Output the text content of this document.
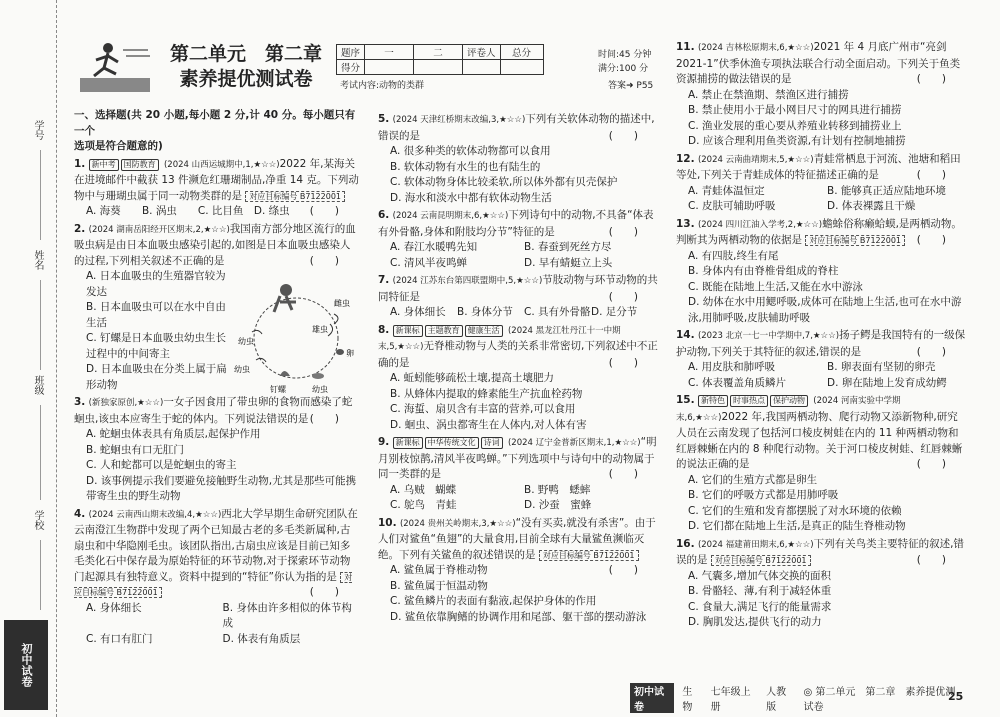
学号
姓名
班级
学校
初中试卷
第二单元　第二章
素养提优测试卷
题序	一	二	评卷人	总分
得分				
时间:45 分钟
满分:100 分
考试内容:动物的类群	答案➜ P55

一、选择题(共 20 小题,每小题 2 分,计 40 分。每小题只有一个

选项是符合题意的)

1. 新中考 国防教育 (2024 山西运城期中,1,★☆☆)2022 年,某海关在进境邮件中截获 13 件濒危红珊瑚制品,净重 14 克。下列动物中与珊瑚虫属于同一动物类群的是 对应目标编号 B7122001
(　　)

A. 海葵	B. 涡虫	C. 比目鱼 D. 绦虫

2. (2024 湖南岳阳经开区期末,2,★☆☆)我国南方部分地区流行的血吸虫病是由日本血吸虫感染引起的,如图是日本血吸虫感染人的过程,下列相关叙述不正确的是	(　　)

A. 日本血吸虫的生殖器官较为发达

B. 日本血吸虫可以在水中自由生活

C. 钉螺是日本血吸虫幼虫生长过程中的中间寄主

D. 日本血吸虫在分类上属于扁形动物

3. (新独家原创,★☆☆)一女子因食用了带虫卵的食物而感染了蛇蛔虫,该虫本应寄生于蛇的体内。下列说法错误的是 (　　)

A. 蛇蛔虫体表具有角质层,起保护作用

B. 蛇蛔虫有口无肛门

C. 人和蛇都可以是蛇蛔虫的寄主

D. 该事例提示我们要避免接触野生动物,尤其是那些可能携带寄生虫的野生动物

4. (2024 云南西山期末改编,4,★☆☆)西北大学早期生命研究团队在云南澄江生物群中发现了两个已知最古老的多毛类新属种,古扇虫和中华隐刚毛虫。该团队指出,古扇虫应该是目前已知多毛类化石中保存最为原始特征的环节动物,对于探索环节动物门起源具有独特意义。资料中提到的“特征”你认为指的是 对应目标编号 B7122001	(　　)

A. 身体细长	B. 身体由许多相似的体节构成
C. 有口有肛门	D. 体表有角质层
雌虫
雄虫
卵
幼虫
钉螺
幼虫
幼虫

5. (2024 天津红桥期末改编,3,★☆☆)下列有关软体动物的描述中,错误的是	(　　)

A. 很多种类的软体动物都可以食用

B. 软体动物有水生的也有陆生的

C. 软体动物身体比较柔软,所以体外都有贝壳保护

D. 海水和淡水中都有软体动物生活

6. (2024 云南昆明期末,6,★☆☆)下列诗句中的动物,不具备“体表有外骨骼,身体和附肢均分节”特征的是	(　　)

A. 春江水暖鸭先知	B. 春蚕到死丝方尽
C. 清风半夜鸣蝉	D. 早有蜻蜓立上头

7. (2024 江苏东台第四联盟期中,5,★☆☆)节肢动物与环节动物的共同特征是	(　　)

A. 身体细长	B. 身体分节	C. 具有外骨骼 D. 足分节

8. 新课标 主题教育 健康生活 (2024 黑龙江牡丹江十一中期末,5,★☆☆)无脊椎动物与人类的关系非常密切,下列叙述中不正确的是	(　　)

A. 蚯蚓能够疏松土壤,提高土壤肥力

B. 从蜂体内提取的蜂素能生产抗血栓药物

C. 海蜇、扇贝含有丰富的营养,可以食用

D. 蛔虫、涡虫都寄生在人体内,对人体有害

9. 新课标 中华传统文化 诗词 (2024 辽宁金普新区期末,1,★☆☆)“明月别枝惊鹊,清风半夜鸣蝉。”下列选项中与诗句中的动物属于同一类群的是	(　　)

A. 乌贼　蝴蝶	B. 野鸭　蟋蟀
C. 鸵鸟　青蛙	D. 沙蚕　蜜蜂

10. (2024 贵州关岭期末,3,★☆☆)“没有买卖,就没有杀害”。由于人们对鲨鱼“鱼翅”的大量食用,目前全球有大量鲨鱼濒临灭绝。下列有关鲨鱼的叙述错误的是 对应目标编号 B7122001
(　　)

A. 鲨鱼属于脊椎动物

B. 鲨鱼属于恒温动物

C. 鲨鱼鳞片的表面有黏液,起保护身体的作用

D. 鲨鱼依靠胸鳍的协调作用和尾部、躯干部的摆动游泳

11. (2024 吉林松原期末,6,★☆☆)2021 年 4 月底广州市“亮剑2021-1”伏季休渔专项执法联合行动全面启动。下列关于鱼类资源捕捞的做法错误的是	(　　)

A. 禁止在禁渔期、禁渔区进行捕捞

B. 禁止使用小于最小网目尺寸的网具进行捕捞

C. 渔业发展的重心要从养殖业转移到捕捞业上

D. 应该合理利用鱼类资源,有计划有控制地捕捞

12. (2024 云南曲靖期末,5,★☆☆)青蛙常栖息于河流、池塘和稻田等处,下列关于青蛙成体的特征描述正确的是	(　　)

A. 青蛙体温恒定	B. 能够真正适应陆地环境
C. 皮肤可辅助呼吸	D. 体表裸露且干燥

13. (2024 四川江油入学考,2,★☆☆)蟾蜍俗称癞蛤蟆,是两栖动物。判断其为两栖动物的依据是 对应目标编号 B7122001 (　　)

A. 有四肢,终生有尾

B. 身体内有由脊椎骨组成的脊柱

C. 既能在陆地上生活,又能在水中游泳

D. 幼体在水中用鳃呼吸,成体可在陆地上生活,也可在水中游泳,用肺呼吸,皮肤辅助呼吸

14. (2023 北京一七一中学期中,7,★☆☆)扬子鳄是我国特有的一级保护动物,下列关于其特征的叙述,错误的是	(　　)

A. 用皮肤和肺呼吸	B. 卵表面有坚韧的卵壳
C. 体表覆盖角质鳞片	D. 卵在陆地上发育成幼鳄

15. 新特色 时事热点 保护动物 (2024 河南实验中学期末,6,★☆☆)2022 年,我国两栖动物、爬行动物又添新物种,研究人员在云南发现了包括河口棱皮树蛙在内的 11 种两栖动物和红唇棘蜥在内的 8 种爬行动物。关于河口棱皮树蛙、红唇棘蜥的说法正确的是	(　　)

A. 它们的生殖方式都是卵生

B. 它们的呼吸方式都是用肺呼吸

C. 它们的生殖和发育都摆脱了对水环境的依赖

D. 它们都在陆地上生活,是真正的陆生脊椎动物

16. (2024 福建莆田期末,6,★☆☆)下列有关鸟类主要特征的叙述,错误的是 对应目标编号 B7122001	(　　)

A. 气囊多,增加气体交换的面积

B. 骨骼轻、薄,有利于减轻体重

C. 食量大,满足飞行的能量需求

D. 胸肌发达,提供飞行的动力

初中试卷
生物
七年级上册
人教版
◎ 第二单元　第二章　素养提优测试卷
25
